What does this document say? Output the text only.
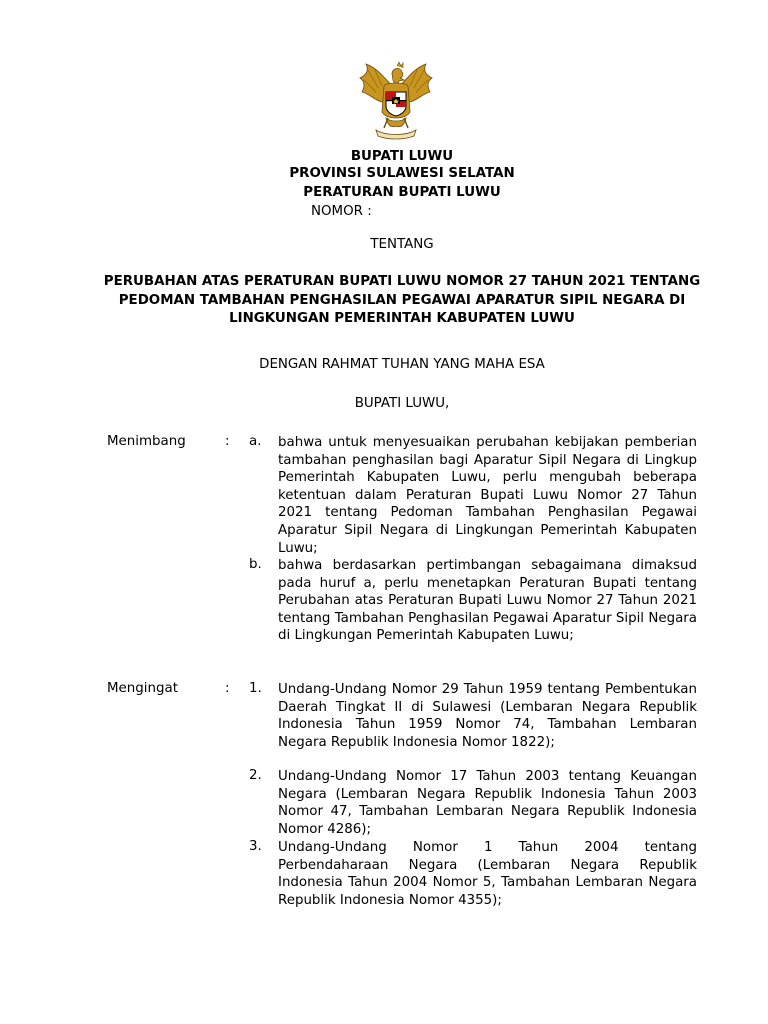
BUPATI LUWU
PROVINSI SULAWESI SELATAN
PERATURAN BUPATI LUWU
NOMOR :
TENTANG
PERUBAHAN ATAS PERATURAN BUPATI LUWU NOMOR 27 TAHUN 2021 TENTANG PEDOMAN TAMBAHAN PENGHASILAN PEGAWAI APARATUR SIPIL NEGARA DI LINGKUNGAN PEMERINTAH KABUPATEN LUWU
DENGAN RAHMAT TUHAN YANG MAHA ESA
BUPATI LUWU,
Menimbang	: a. bahwa untuk menyesuaikan perubahan kebijakan pemberian tambahan penghasilan bagi Aparatur Sipil Negara di Lingkup Pemerintah Kabupaten Luwu, perlu mengubah beberapa ketentuan dalam Peraturan Bupati Luwu Nomor 27 Tahun 2021 tentang Pedoman Tambahan Penghasilan Pegawai Aparatur Sipil Negara di Lingkungan Pemerintah Kabupaten Luwu;
b. bahwa berdasarkan pertimbangan sebagaimana dimaksud pada huruf a, perlu menetapkan Peraturan Bupati tentang Perubahan atas Peraturan Bupati Luwu Nomor 27 Tahun 2021 tentang Tambahan Penghasilan Pegawai Aparatur Sipil Negara di Lingkungan Pemerintah Kabupaten Luwu;
Mengingat	: 1. Undang-Undang Nomor 29 Tahun 1959 tentang Pembentukan Daerah Tingkat II di Sulawesi (Lembaran Negara Republik Indonesia Tahun 1959 Nomor 74, Tambahan Lembaran Negara Republik Indonesia Nomor 1822);
2. Undang-Undang Nomor 17 Tahun 2003 tentang Keuangan Negara (Lembaran Negara Republik Indonesia Tahun 2003 Nomor 47, Tambahan Lembaran Negara Republik Indonesia Nomor 4286);
3. Undang-Undang Nomor 1 Tahun 2004 tentang Perbendaharaan Negara (Lembaran Negara Republik Indonesia Tahun 2004 Nomor 5, Tambahan Lembaran Negara Republik Indonesia Nomor 4355);
